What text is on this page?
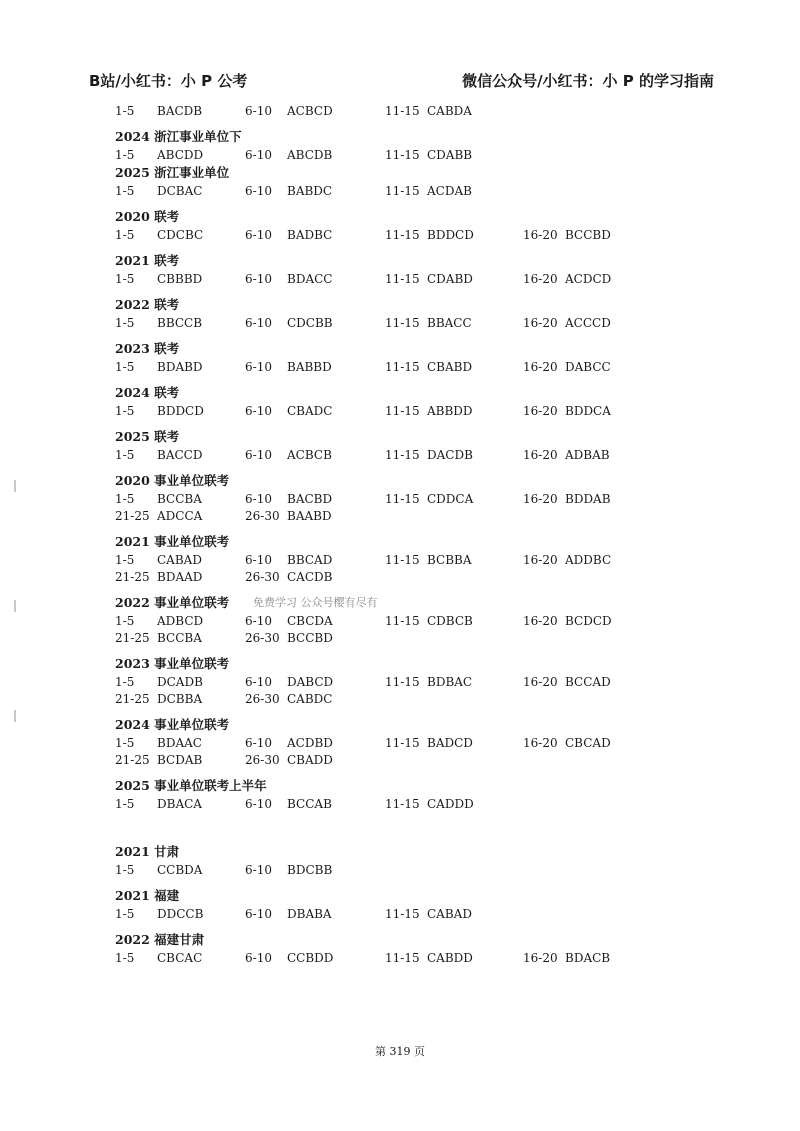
B站/小红书：小 P 公考	微信公众号/小红书：小 P 的学习指南
1-5 BACDB	6-10 ACBCD	11-15 CABDA
2024 浙江事业单位下
1-5 ABCDD	6-10 ABCDB	11-15 CDABB
2025 浙江事业单位
1-5 DCBAC	6-10 BABDC	11-15 ACDAB
2020 联考
1-5 CDCBC	6-10 BADBC	11-15 BDDCD	16-20 BCCBD
2021 联考
1-5 CBBBD	6-10 BDACC	11-15 CDABD	16-20 ACDCD
2022 联考
1-5 BBCCB	6-10 CDCBB	11-15 BBACC	16-20 ACCCD
2023 联考
1-5 BDABD	6-10 BABBD	11-15 CBABD	16-20 DABCC
2024 联考
1-5 BDDCD	6-10 CBADC	11-15 ABBDD	16-20 BDDCA
2025 联考
1-5 BACCD	6-10 ACBCB	11-15 DACDB	16-20 ADBAB
2020 事业单位联考
1-5 BCCBA	6-10 BACBD	11-15 CDDCA	16-20 BDDAB
21-25 ADCCA	26-30 BAABD
2021 事业单位联考
1-5 CABAD	6-10 BBCAD	11-15 BCBBA	16-20 ADDBC
21-25 BDAAD	26-30 CACDB
2022 事业单位联考 免费学习 公众号樱有尽有
1-5 ADBCD	6-10 CBCDA	11-15 CDBCB	16-20 BCDCD
21-25 BCCBA	26-30 BCCBD
2023 事业单位联考
1-5 DCADB	6-10 DABCD	11-15 BDBAC	16-20 BCCAD
21-25 DCBBA	26-30 CABDC
2024 事业单位联考
1-5 BDAAC	6-10 ACDBD	11-15 BADCD	16-20 CBCAD
21-25 BCDAB	26-30 CBADD
2025 事业单位联考上半年
1-5 DBACA	6-10 BCCAB	11-15 CADDD
2021 甘肃
1-5 CCBDA	6-10 BDCBB
2021 福建
1-5 DDCCB	6-10 DBABA	11-15 CABAD
2022 福建甘肃
1-5 CBCAC	6-10 CCBDD	11-15 CABDD	16-20 BDACB
第 319 页
